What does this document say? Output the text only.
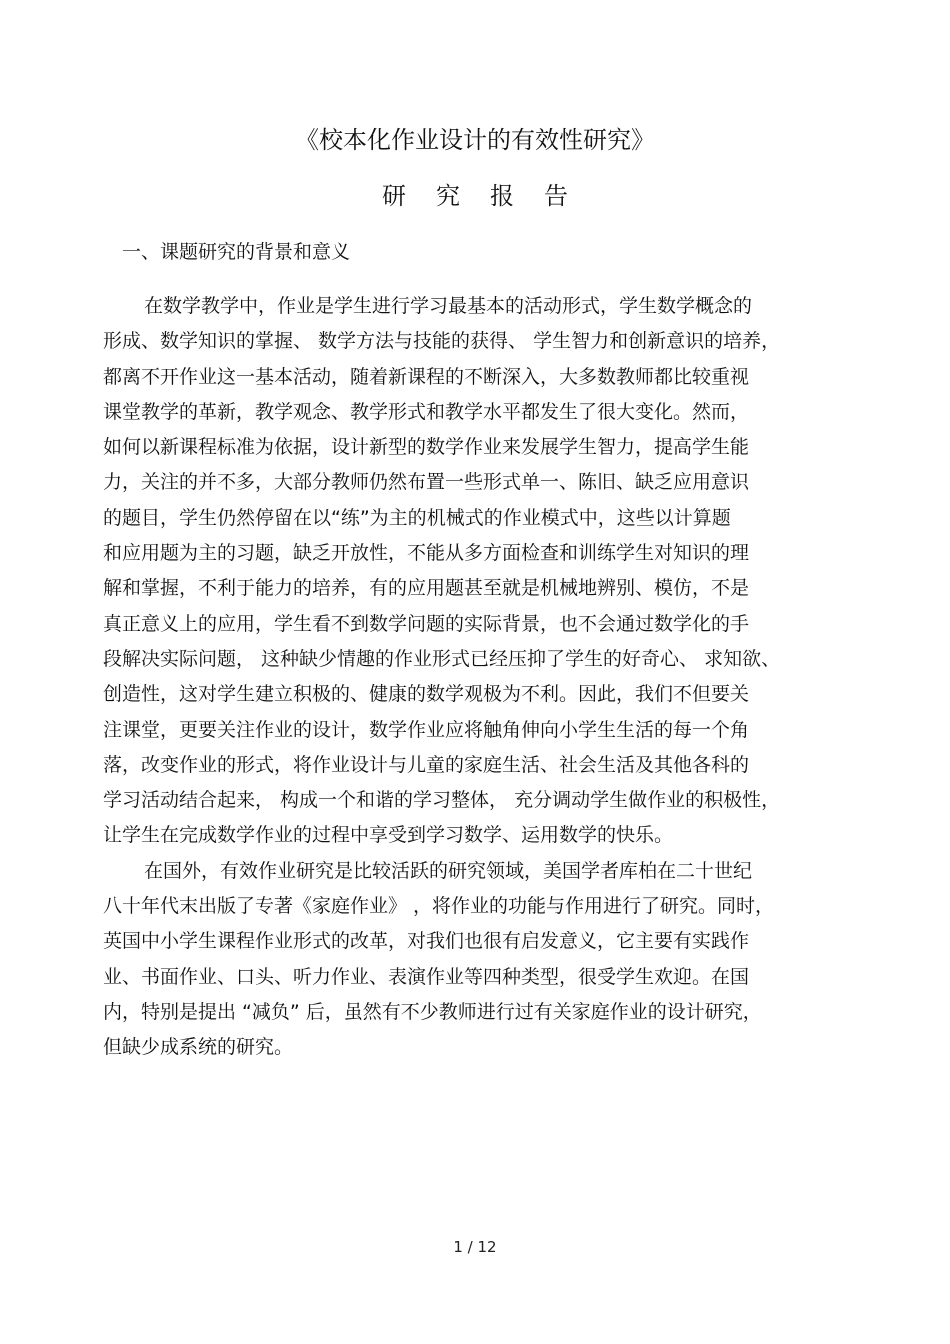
《校本化作业设计的有效性研究》
研究报告
一、课题研究的背景和意义
在数学教学中，作业是学生进行学习最基本的活动形式，学生数学概念的
形成、数学知识的掌握、 数学方法与技能的获得、 学生智力和创新意识的培养，
都离不开作业这一基本活动，随着新课程的不断深入，大多数教师都比较重视
课堂教学的革新，教学观念、教学形式和教学水平都发生了很大变化。然而，
如何以新课程标准为依据，设计新型的数学作业来发展学生智力，提高学生能
力，关注的并不多，大部分教师仍然布置一些形式单一、陈旧、缺乏应用意识
的题目，学生仍然停留在以“练”为主的机械式的作业模式中，这些以计算题
和应用题为主的习题，缺乏开放性，不能从多方面检查和训练学生对知识的理
解和掌握，不利于能力的培养，有的应用题甚至就是机械地辨别、模仿，不是
真正意义上的应用，学生看不到数学问题的实际背景，也不会通过数学化的手
段解决实际问题， 这种缺少情趣的作业形式已经压抑了学生的好奇心、 求知欲、
创造性，这对学生建立积极的、健康的数学观极为不利。因此，我们不但要关
注课堂，更要关注作业的设计，数学作业应将触角伸向小学生生活的每一个角
落，改变作业的形式，将作业设计与儿童的家庭生活、社会生活及其他各科的
学习活动结合起来， 构成一个和谐的学习整体， 充分调动学生做作业的积极性，
让学生在完成数学作业的过程中享受到学习数学、运用数学的快乐。
在国外，有效作业研究是比较活跃的研究领域，美国学者库柏在二十世纪
八十年代末出版了专著《家庭作业》 ，将作业的功能与作用进行了研究。同时，
英国中小学生课程作业形式的改革，对我们也很有启发意义，它主要有实践作
业、书面作业、口头、听力作业、表演作业等四种类型，很受学生欢迎。在国
内，特别是提出 “减负” 后，虽然有不少教师进行过有关家庭作业的设计研究，
但缺少成系统的研究。
1 / 12
